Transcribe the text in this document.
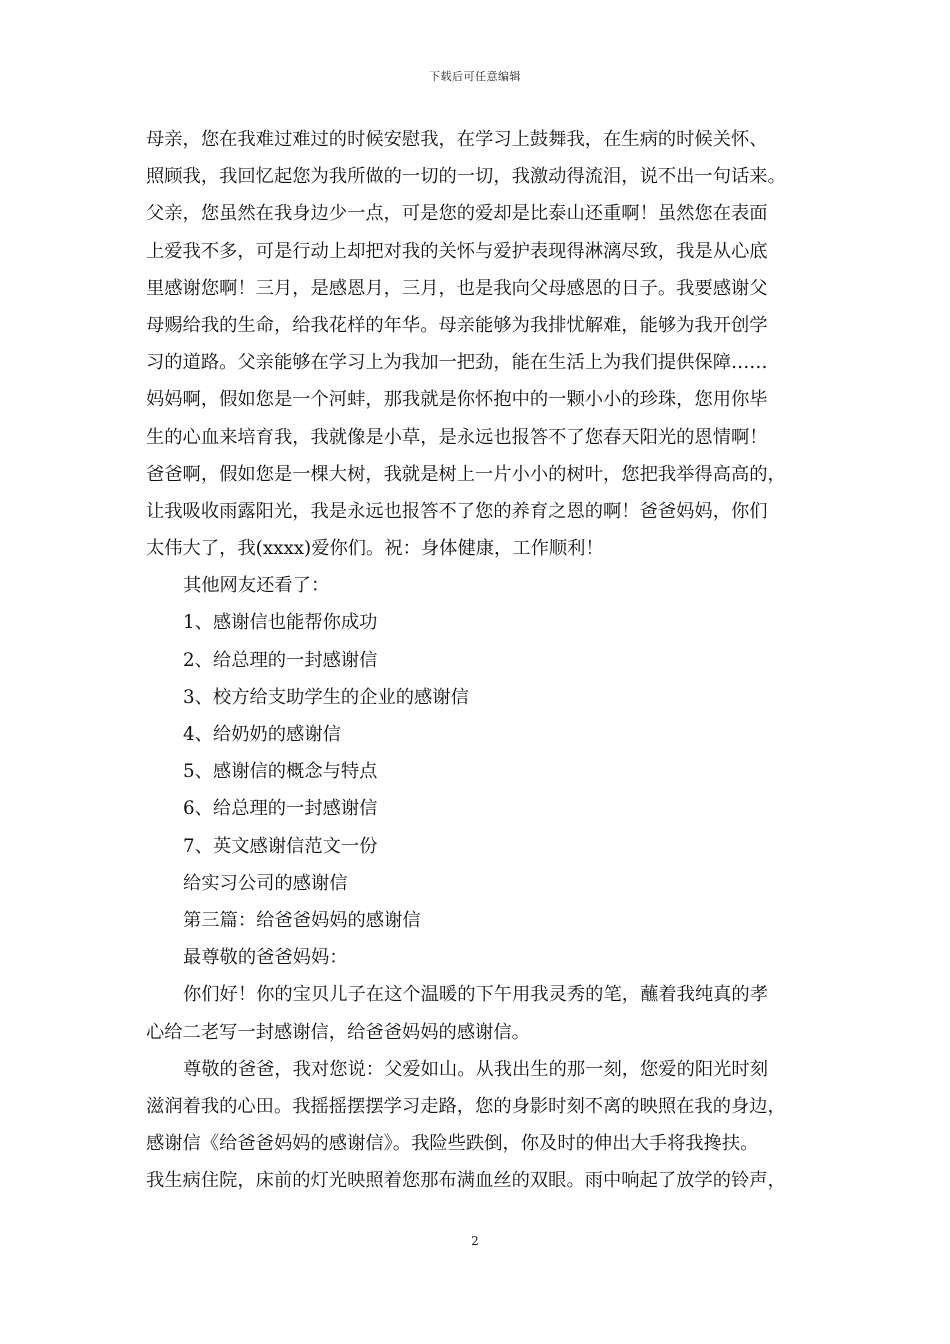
下载后可任意编辑
母亲，您在我难过难过的时候安慰我，在学习上鼓舞我，在生病的时候关怀、
照顾我，我回忆起您为我所做的一切的一切，我激动得流泪，说不出一句话来。
父亲，您虽然在我身边少一点，可是您的爱却是比泰山还重啊！虽然您在表面
上爱我不多，可是行动上却把对我的关怀与爱护表现得淋漓尽致，我是从心底
里感谢您啊！三月，是感恩月，三月，也是我向父母感恩的日子。我要感谢父
母赐给我的生命，给我花样的年华。母亲能够为我排忧解难，能够为我开创学
习的道路。父亲能够在学习上为我加一把劲，能在生活上为我们提供保障……
妈妈啊，假如您是一个河蚌，那我就是你怀抱中的一颗小小的珍珠，您用你毕
生的心血来培育我，我就像是小草，是永远也报答不了您春天阳光的恩情啊！
爸爸啊，假如您是一棵大树，我就是树上一片小小的树叶，您把我举得高高的，
让我吸收雨露阳光，我是永远也报答不了您的养育之恩的啊！爸爸妈妈，你们
太伟大了，我(xxxx)爱你们。祝：身体健康，工作顺利！
其他网友还看了：
1、感谢信也能帮你成功
2、给总理的一封感谢信
3、校方给支助学生的企业的感谢信
4、给奶奶的感谢信
5、感谢信的概念与特点
6、给总理的一封感谢信
7、英文感谢信范文一份
给实习公司的感谢信
第三篇：给爸爸妈妈的感谢信
最尊敬的爸爸妈妈：
你们好！你的宝贝儿子在这个温暖的下午用我灵秀的笔，蘸着我纯真的孝
心给二老写一封感谢信，给爸爸妈妈的感谢信。
尊敬的爸爸，我对您说：父爱如山。从我出生的那一刻，您爱的阳光时刻
滋润着我的心田。我摇摇摆摆学习走路，您的身影时刻不离的映照在我的身边，
感谢信《给爸爸妈妈的感谢信》。我险些跌倒，你及时的伸出大手将我搀扶。
我生病住院，床前的灯光映照着您那布满血丝的双眼。雨中响起了放学的铃声，
2
